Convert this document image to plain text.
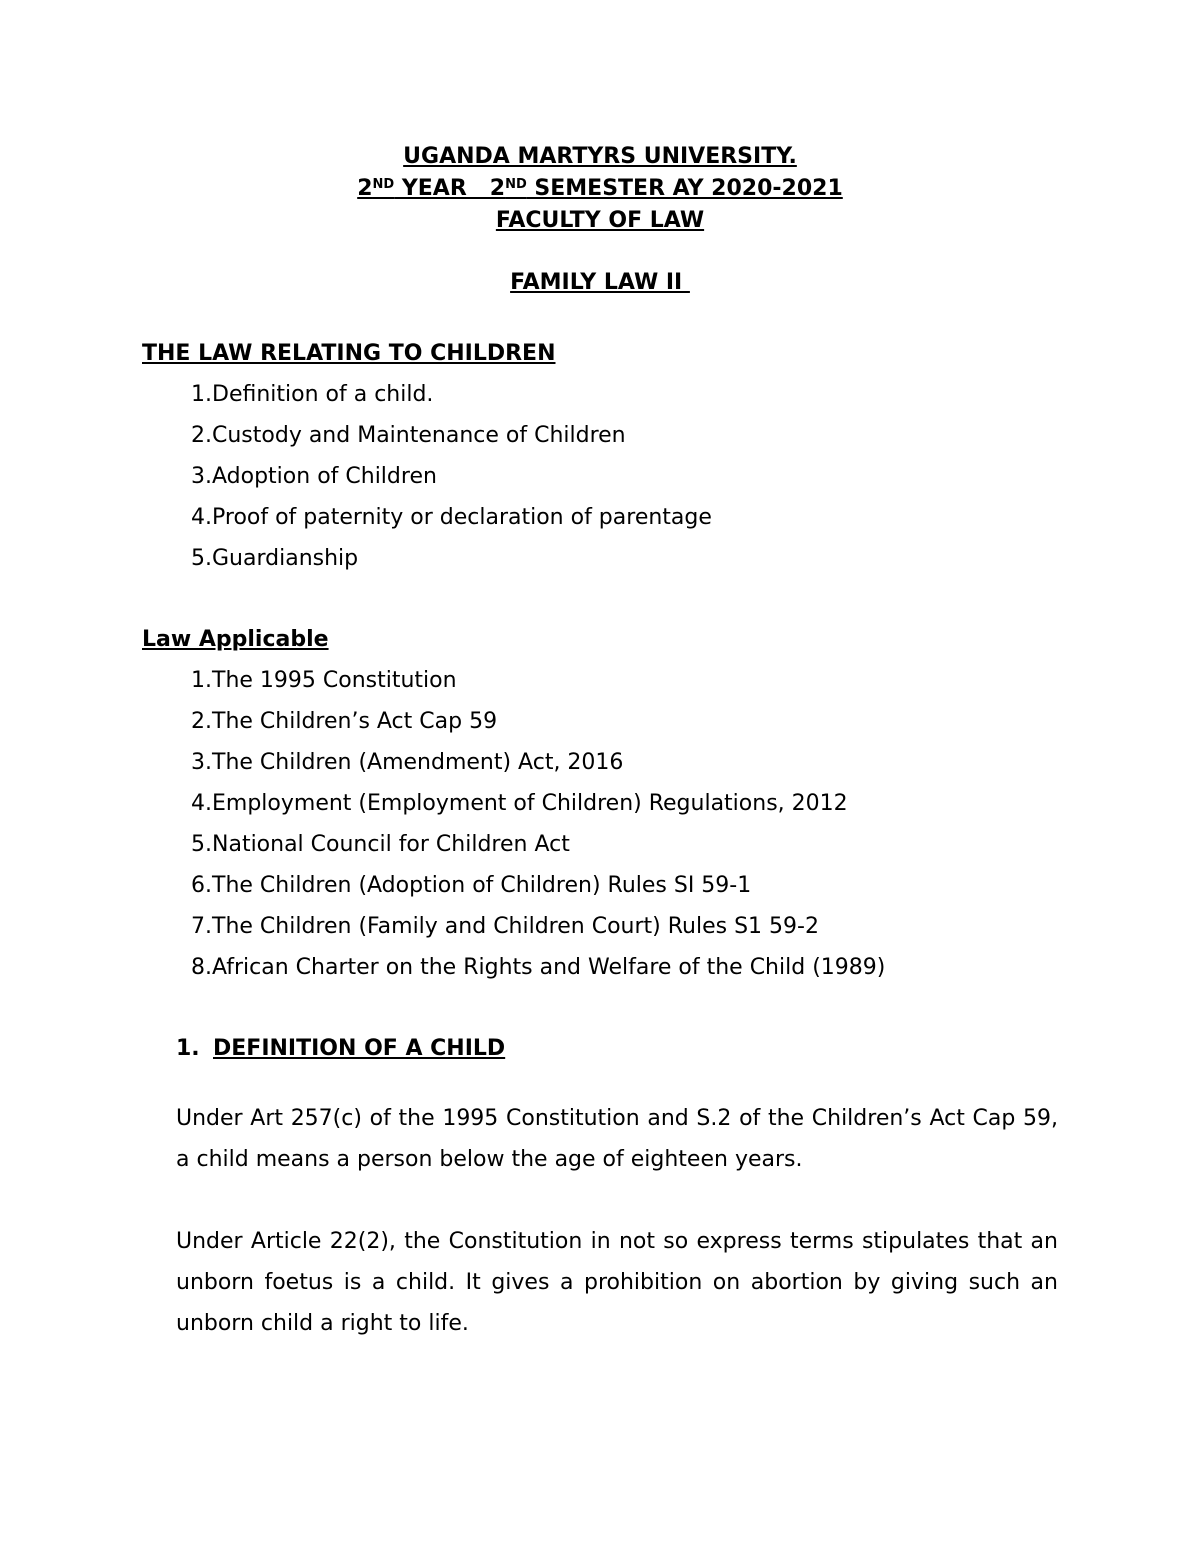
UGANDA MARTYRS UNIVERSITY.
2ND YEAR   2ND SEMESTER AY 2020-2021
FACULTY OF LAW
FAMILY LAW II
THE LAW RELATING TO CHILDREN
1. Definition of a child.
2. Custody and Maintenance of Children
3. Adoption of Children
4. Proof of paternity or declaration of parentage
5. Guardianship
Law Applicable
1. The 1995 Constitution
2. The Children’s Act Cap 59
3. The Children (Amendment) Act, 2016
4. Employment (Employment of Children) Regulations, 2012
5. National Council for Children Act
6. The Children (Adoption of Children) Rules SI 59-1
7. The Children (Family and Children Court) Rules S1 59-2
8. African Charter on the Rights and Welfare of the Child (1989)
1. DEFINITION OF A CHILD

Under Art 257(c) of the 1995 Constitution and S.2 of the Children’s Act Cap 59, a child means a person below the age of eighteen years.

Under Article 22(2), the Constitution in not so express terms stipulates that an unborn foetus is a child. It gives a prohibition on abortion by giving such an unborn child a right to life.
